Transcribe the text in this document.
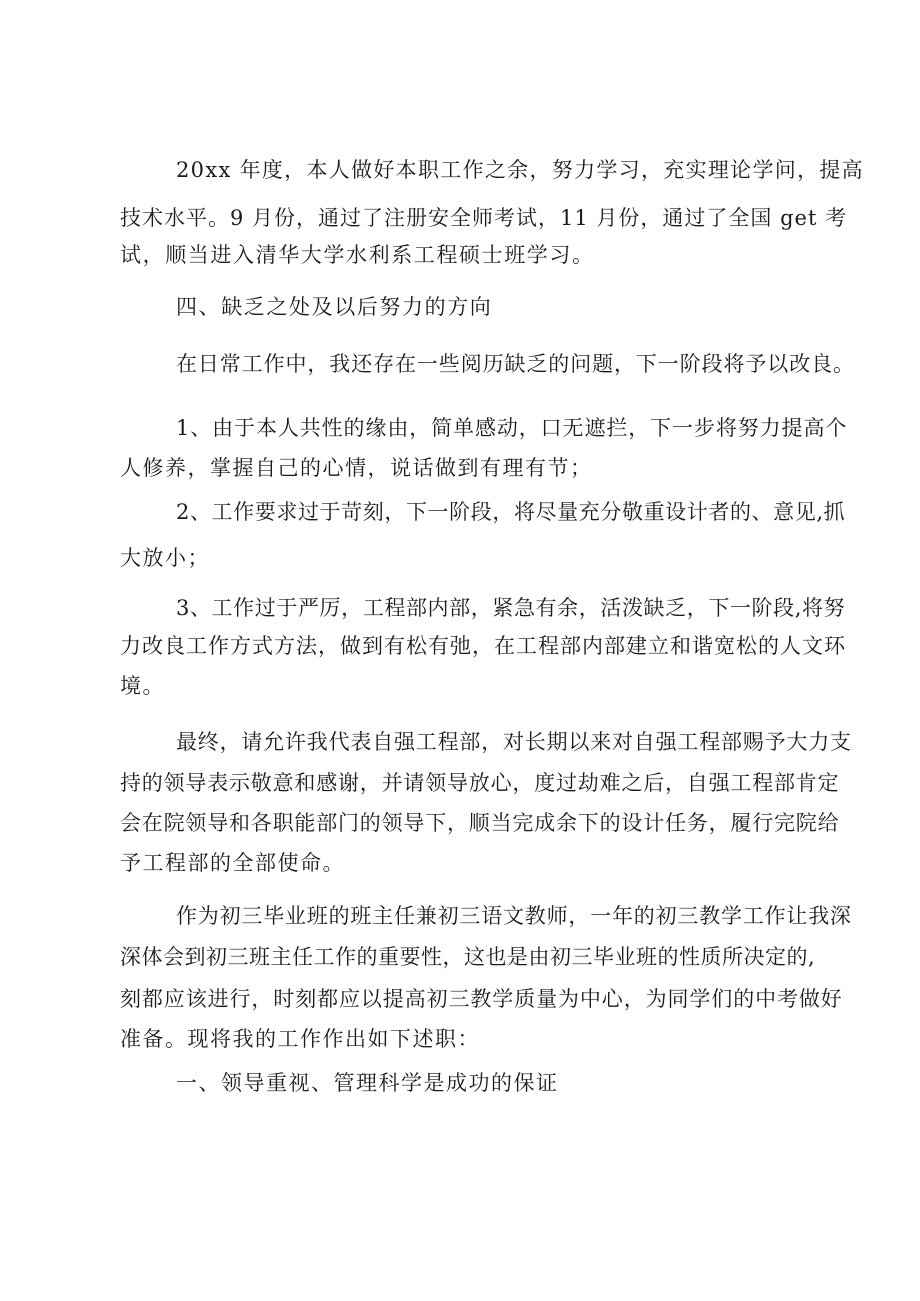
20xx 年度，本人做好本职工作之余，努力学习，充实理论学问，提高

技术水平。9 月份，通过了注册安全师考试，11 月份，通过了全国 get 考

试，顺当进入清华大学水利系工程硕士班学习。

四、缺乏之处及以后努力的方向

在日常工作中，我还存在一些阅历缺乏的问题，下一阶段将予以改良。

1、由于本人共性的缘由，简单感动，口无遮拦，下一步将努力提高个

人修养，掌握自己的心情，说话做到有理有节；

2、工作要求过于苛刻，下一阶段，将尽量充分敬重设计者的、意见,抓

大放小；

3、工作过于严厉，工程部内部，紧急有余，活泼缺乏，下一阶段,将努

力改良工作方式方法，做到有松有弛，在工程部内部建立和谐宽松的人文环

境。

最终，请允许我代表自强工程部，对长期以来对自强工程部赐予大力支

持的领导表示敬意和感谢，并请领导放心，度过劫难之后，自强工程部肯定

会在院领导和各职能部门的领导下，顺当完成余下的设计任务，履行完院给

予工程部的全部使命。

作为初三毕业班的班主任兼初三语文教师，一年的初三教学工作让我深

深体会到初三班主任工作的重要性，这也是由初三毕业班的性质所决定的,

刻都应该进行，时刻都应以提高初三教学质量为中心，为同学们的中考做好

准备。现将我的工作作出如下述职：

一、领导重视、管理科学是成功的保证
